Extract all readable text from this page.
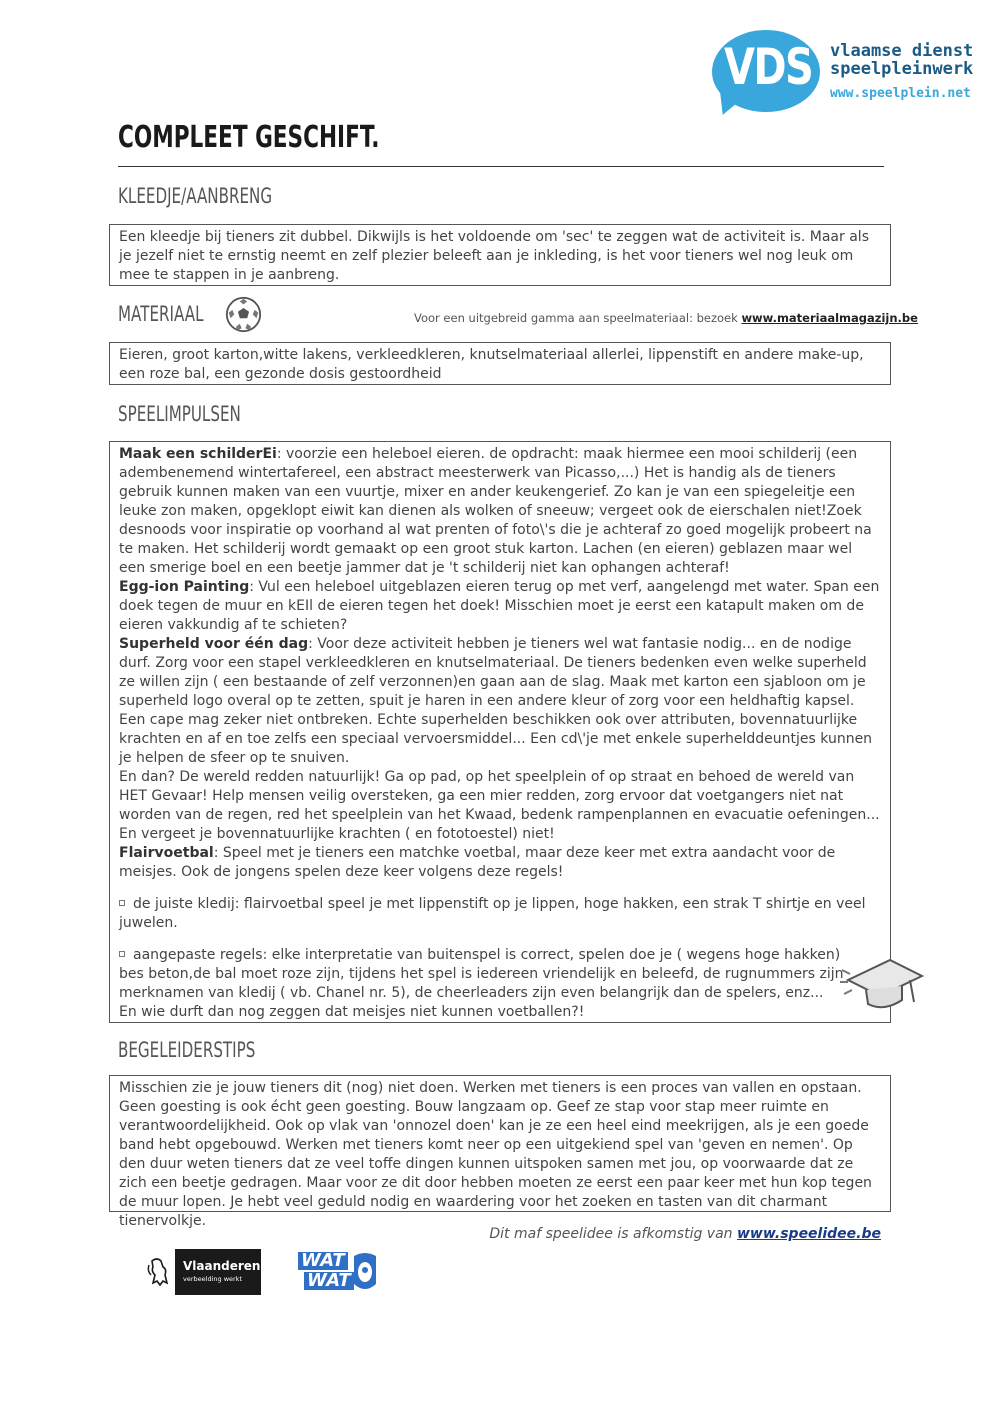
VDS vlaamse dienst
speelpleinwerk
www.speelplein.net
COMPLEET GESCHIFT.
KLEEDJE/AANBRENG

Een kleedje bij tieners zit dubbel. Dikwijls is het voldoende om 'sec' te zeggen wat de activiteit is. Maar als je jezelf niet te ernstig neemt en zelf plezier beleeft aan je inkleding, is het voor tieners wel nog leuk om mee te stappen in je aanbreng.

MATERIAAL	Voor een uitgebreid gamma aan speelmateriaal: bezoek www.materiaalmagazijn.be

Eieren, groot karton,witte lakens, verkleedkleren, knutselmateriaal allerlei, lippenstift en andere make-up, een roze bal, een gezonde dosis gestoordheid

SPEELIMPULSEN

Maak een schilderEi: voorzie een heleboel eieren. de opdracht: maak hiermee een mooi schilderij (een adembenemend wintertafereel, een abstract meesterwerk van Picasso,...) Het is handig als de tieners gebruik kunnen maken van een vuurtje, mixer en ander keukengerief. Zo kan je van een spiegeleitje een leuke zon maken, opgeklopt eiwit kan dienen als wolken of sneeuw; vergeet ook de eierschalen niet!Zoek desnoods voor inspiratie op voorhand al wat prenten of foto\'s die je achteraf zo goed mogelijk probeert na te maken. Het schilderij wordt gemaakt op een groot stuk karton. Lachen (en eieren) geblazen maar wel een smerige boel en een beetje jammer dat je 't schilderij niet kan ophangen achteraf!

Egg-ion Painting: Vul een heleboel uitgeblazen eieren terug op met verf, aangelengd met water. Span een doek tegen de muur en kEIl de eieren tegen het doek! Misschien moet je eerst een katapult maken om de eieren vakkundig af te schieten?

Superheld voor één dag: Voor deze activiteit hebben je tieners wel wat fantasie nodig... en de nodige durf. Zorg voor een stapel verkleedkleren en knutselmateriaal. De tieners bedenken even welke superheld ze willen zijn ( een bestaande of zelf verzonnen)en gaan aan de slag. Maak met karton een sjabloon om je superheld logo overal op te zetten, spuit je haren in een andere kleur of zorg voor een heldhaftig kapsel. Een cape mag zeker niet ontbreken. Echte superhelden beschikken ook over attributen, bovennatuurlijke krachten en af en toe zelfs een speciaal vervoersmiddel... Een cd\'je met enkele superhelddeuntjes kunnen je helpen de sfeer op te snuiven.

En dan? De wereld redden natuurlijk! Ga op pad, op het speelplein of op straat en behoed de wereld van HET Gevaar! Help mensen veilig oversteken, ga een mier redden, zorg ervoor dat voetgangers niet nat worden van de regen, red het speelplein van het Kwaad, bedenk rampenplannen en evacuatie oefeningen...

En vergeet je bovennatuurlijke krachten ( en fototoestel) niet!

Flairvoetbal: Speel met je tieners een matchke voetbal, maar deze keer met extra aandacht voor de meisjes. Ook de jongens spelen deze keer volgens deze regels!

de juiste kledij: flairvoetbal speel je met lippenstift op je lippen, hoge hakken, een strak T shirtje en veel juwelen.

aangepaste regels: elke interpretatie van buitenspel is correct, spelen doe je ( wegens hoge hakken) bes beton,de bal moet roze zijn, tijdens het spel is iedereen vriendelijk en beleefd, de rugnummers zijn merknamen van kledij ( vb. Chanel nr. 5), de cheerleaders zijn even belangrijk dan de spelers, enz...

En wie durft dan nog zeggen dat meisjes niet kunnen voetballen?!

BEGELEIDERSTIPS

Misschien zie je jouw tieners dit (nog) niet doen. Werken met tieners is een proces van vallen en opstaan. Geen goesting is ook écht geen goesting. Bouw langzaam op. Geef ze stap voor stap meer ruimte en verantwoordelijkheid. Ook op vlak van 'onnozel doen' kan je ze een heel eind meekrijgen, als je een goede band hebt opgebouwd. Werken met tieners komt neer op een uitgekiend spel van 'geven en nemen'. Op den duur weten tieners dat ze veel toffe dingen kunnen uitspoken samen met jou, op voorwaarde dat ze zich een beetje gedragen. Maar voor ze dit door hebben moeten ze eerst een paar keer met hun kop tegen de muur lopen. Je hebt veel geduld nodig en waardering voor het zoeken en tasten van dit charmant tienervolkje.

Dit maf speelidee is afkomstig van www.speelidee.be
Vlaanderen
verbeelding werkt
WAT
WAT
